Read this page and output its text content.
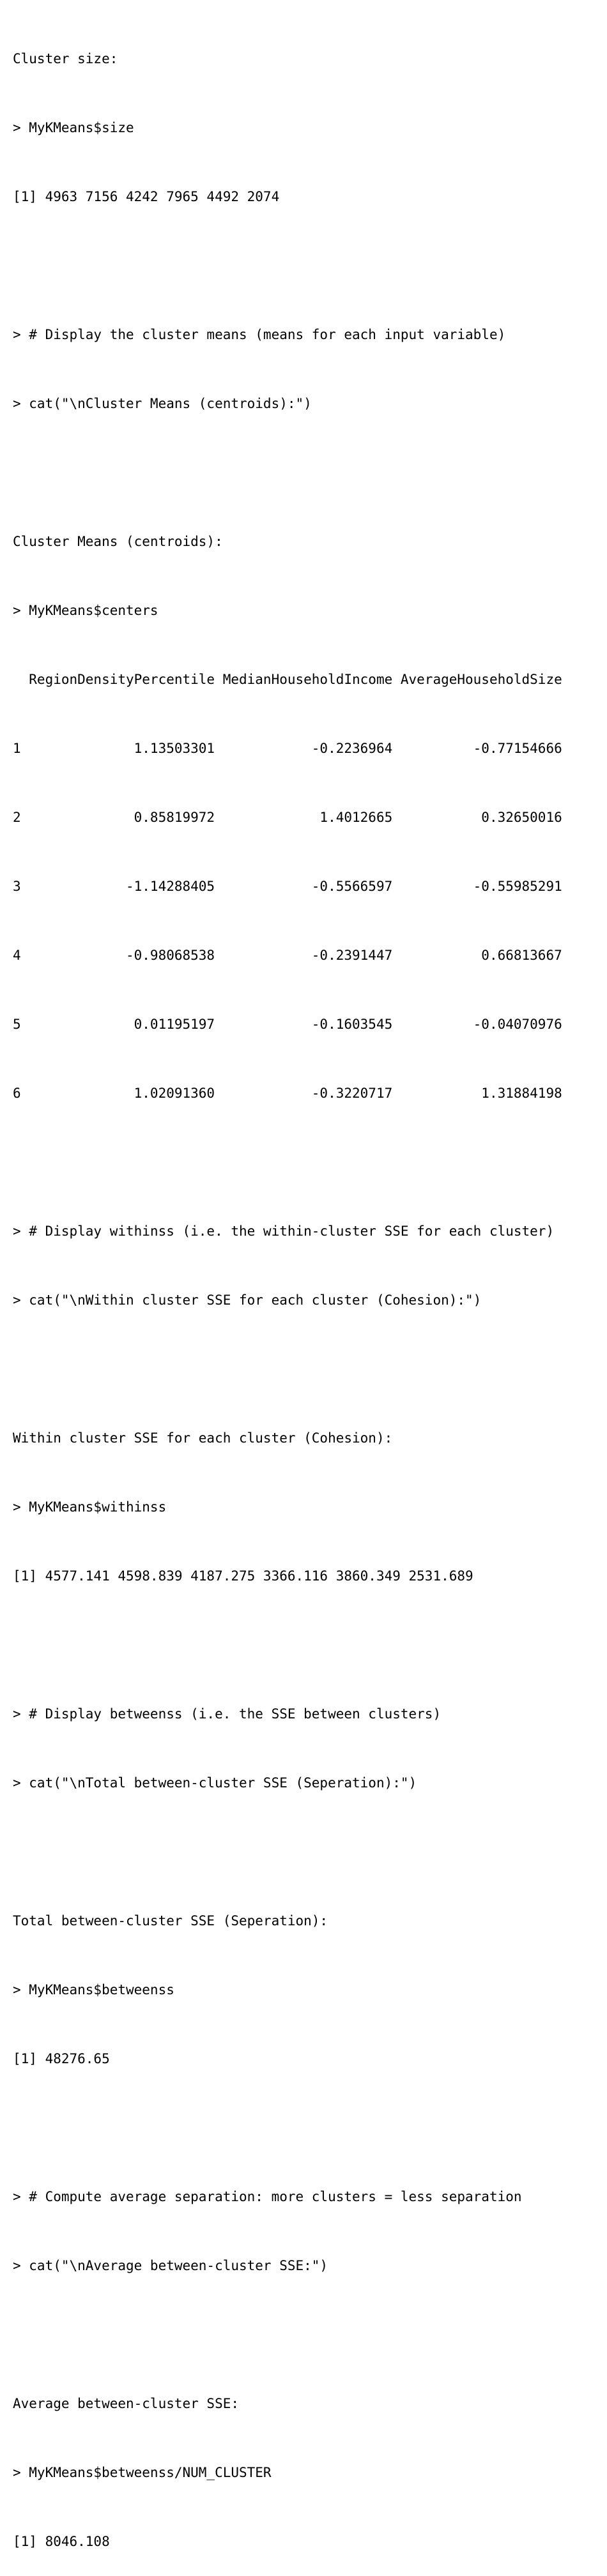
Cluster size:

> MyKMeans$size

[1] 4963 7156 4242 7965 4492 2074

> # Display the cluster means (means for each input variable)

> cat("\nCluster Means (centroids):")

Cluster Means (centroids):

> MyKMeans$centers

RegionDensityPercentile MedianHouseholdIncome AverageHouseholdSize

1              1.13503301            -0.2236964          -0.77154666

2              0.85819972             1.4012665           0.32650016

3             -1.14288405            -0.5566597          -0.55985291

4             -0.98068538            -0.2391447           0.66813667

5              0.01195197            -0.1603545          -0.04070976

6              1.02091360            -0.3220717           1.31884198

> # Display withinss (i.e. the within-cluster SSE for each cluster)

> cat("\nWithin cluster SSE for each cluster (Cohesion):")

Within cluster SSE for each cluster (Cohesion):

> MyKMeans$withinss

[1] 4577.141 4598.839 4187.275 3366.116 3860.349 2531.689

> # Display betweenss (i.e. the SSE between clusters)

> cat("\nTotal between-cluster SSE (Seperation):")

Total between-cluster SSE (Seperation):

> MyKMeans$betweenss

[1] 48276.65

> # Compute average separation: more clusters = less separation

> cat("\nAverage between-cluster SSE:")

Average between-cluster SSE:

> MyKMeans$betweenss/NUM_CLUSTER

[1] 8046.108
